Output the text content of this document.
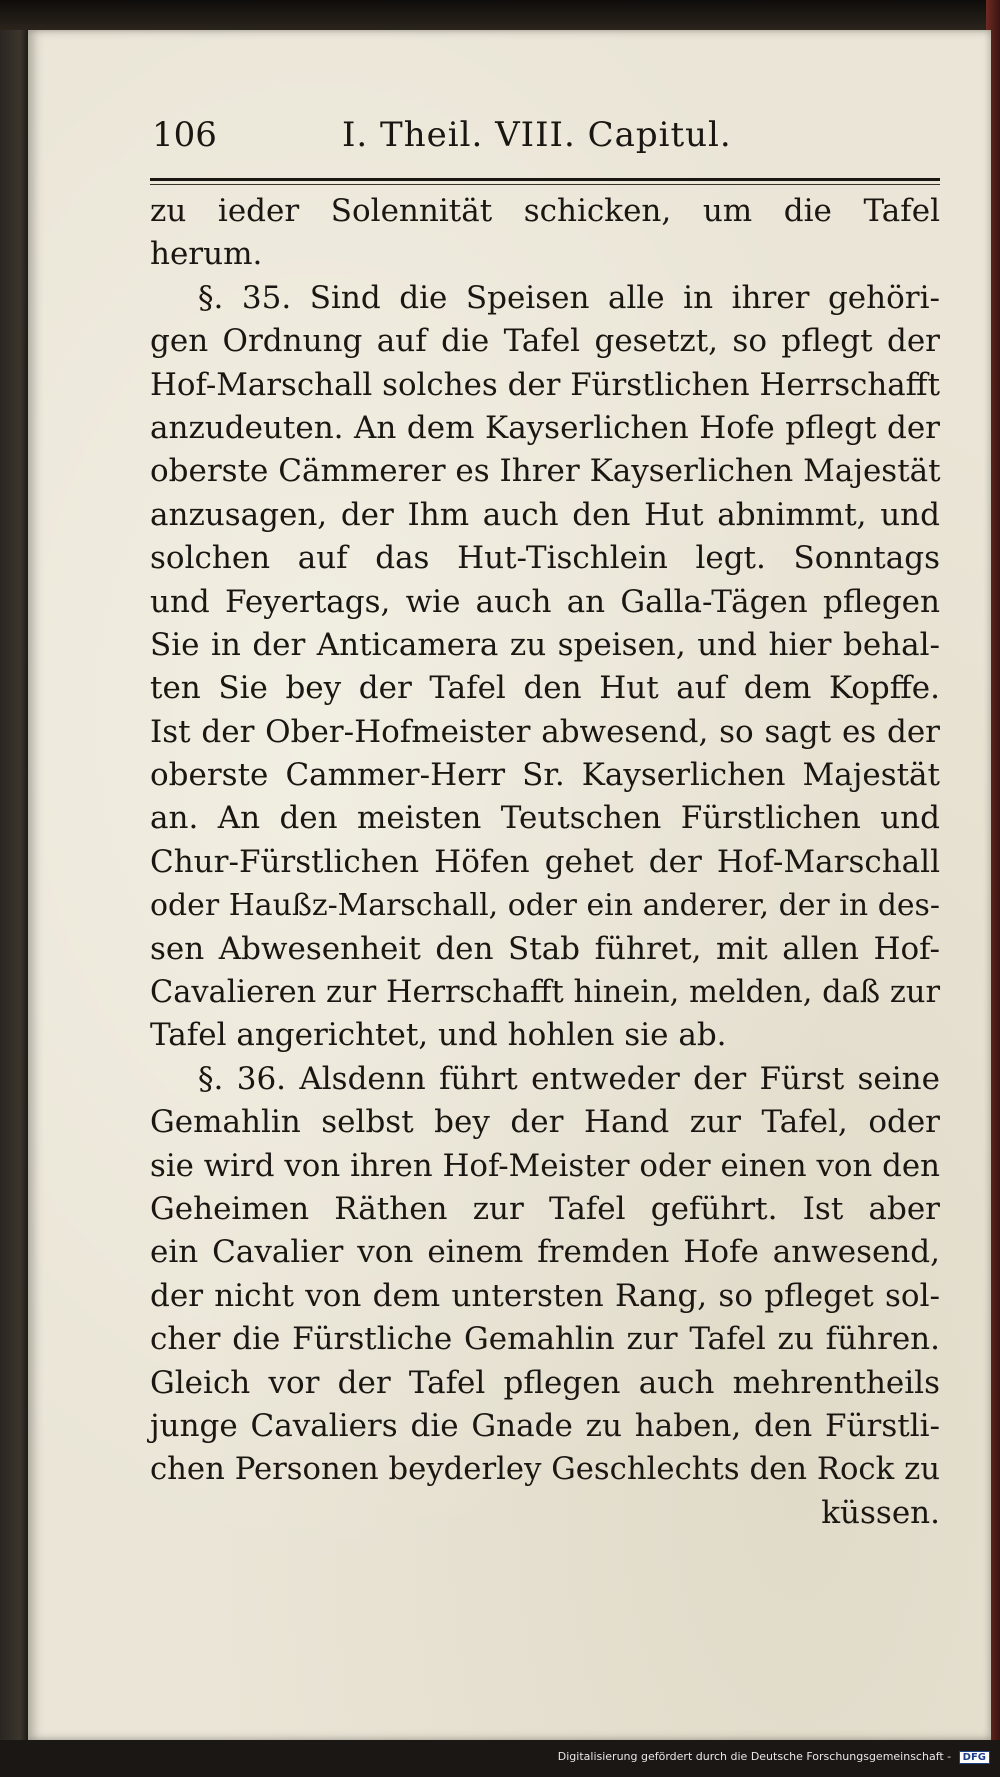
106	I. Theil. VIII. Capitul.
zu ieder Solennität schicken, um die Tafel
herum.
§. 35. Sind die Speisen alle in ihrer gehöri-
gen Ordnung auf die Tafel gesetzt, so pflegt der
Hof-Marschall solches der Fürstlichen Herrschafft
anzudeuten. An dem Kayserlichen Hofe pflegt der
oberste Cämmerer es Ihrer Kayserlichen Majestät
anzusagen, der Ihm auch den Hut abnimmt, und
solchen auf das Hut-Tischlein legt. Sonntags
und Feyertags, wie auch an Galla-Tägen pflegen
Sie in der Anticamera zu speisen, und hier behal-
ten Sie bey der Tafel den Hut auf dem Kopffe.
Ist der Ober-Hofmeister abwesend, so sagt es der
oberste Cammer-Herr Sr. Kayserlichen Majestät
an. An den meisten Teutschen Fürstlichen und
Chur-Fürstlichen Höfen gehet der Hof-Marschall
oder Haußz-Marschall, oder ein anderer, der in des-
sen Abwesenheit den Stab führet, mit allen Hof-
Cavalieren zur Herrschafft hinein, melden, daß zur
Tafel angerichtet, und hohlen sie ab.
§. 36. Alsdenn führt entweder der Fürst seine
Gemahlin selbst bey der Hand zur Tafel, oder
sie wird von ihren Hof-Meister oder einen von den
Geheimen Räthen zur Tafel geführt. Ist aber
ein Cavalier von einem fremden Hofe anwesend,
der nicht von dem untersten Rang, so pfleget sol-
cher die Fürstliche Gemahlin zur Tafel zu führen.
Gleich vor der Tafel pflegen auch mehrentheils
junge Cavaliers die Gnade zu haben, den Fürstli-
chen Personen beyderley Geschlechts den Rock zu
küssen.
Digitalisierung gefördert durch die Deutsche Forschungsgemeinschaft - DFG
